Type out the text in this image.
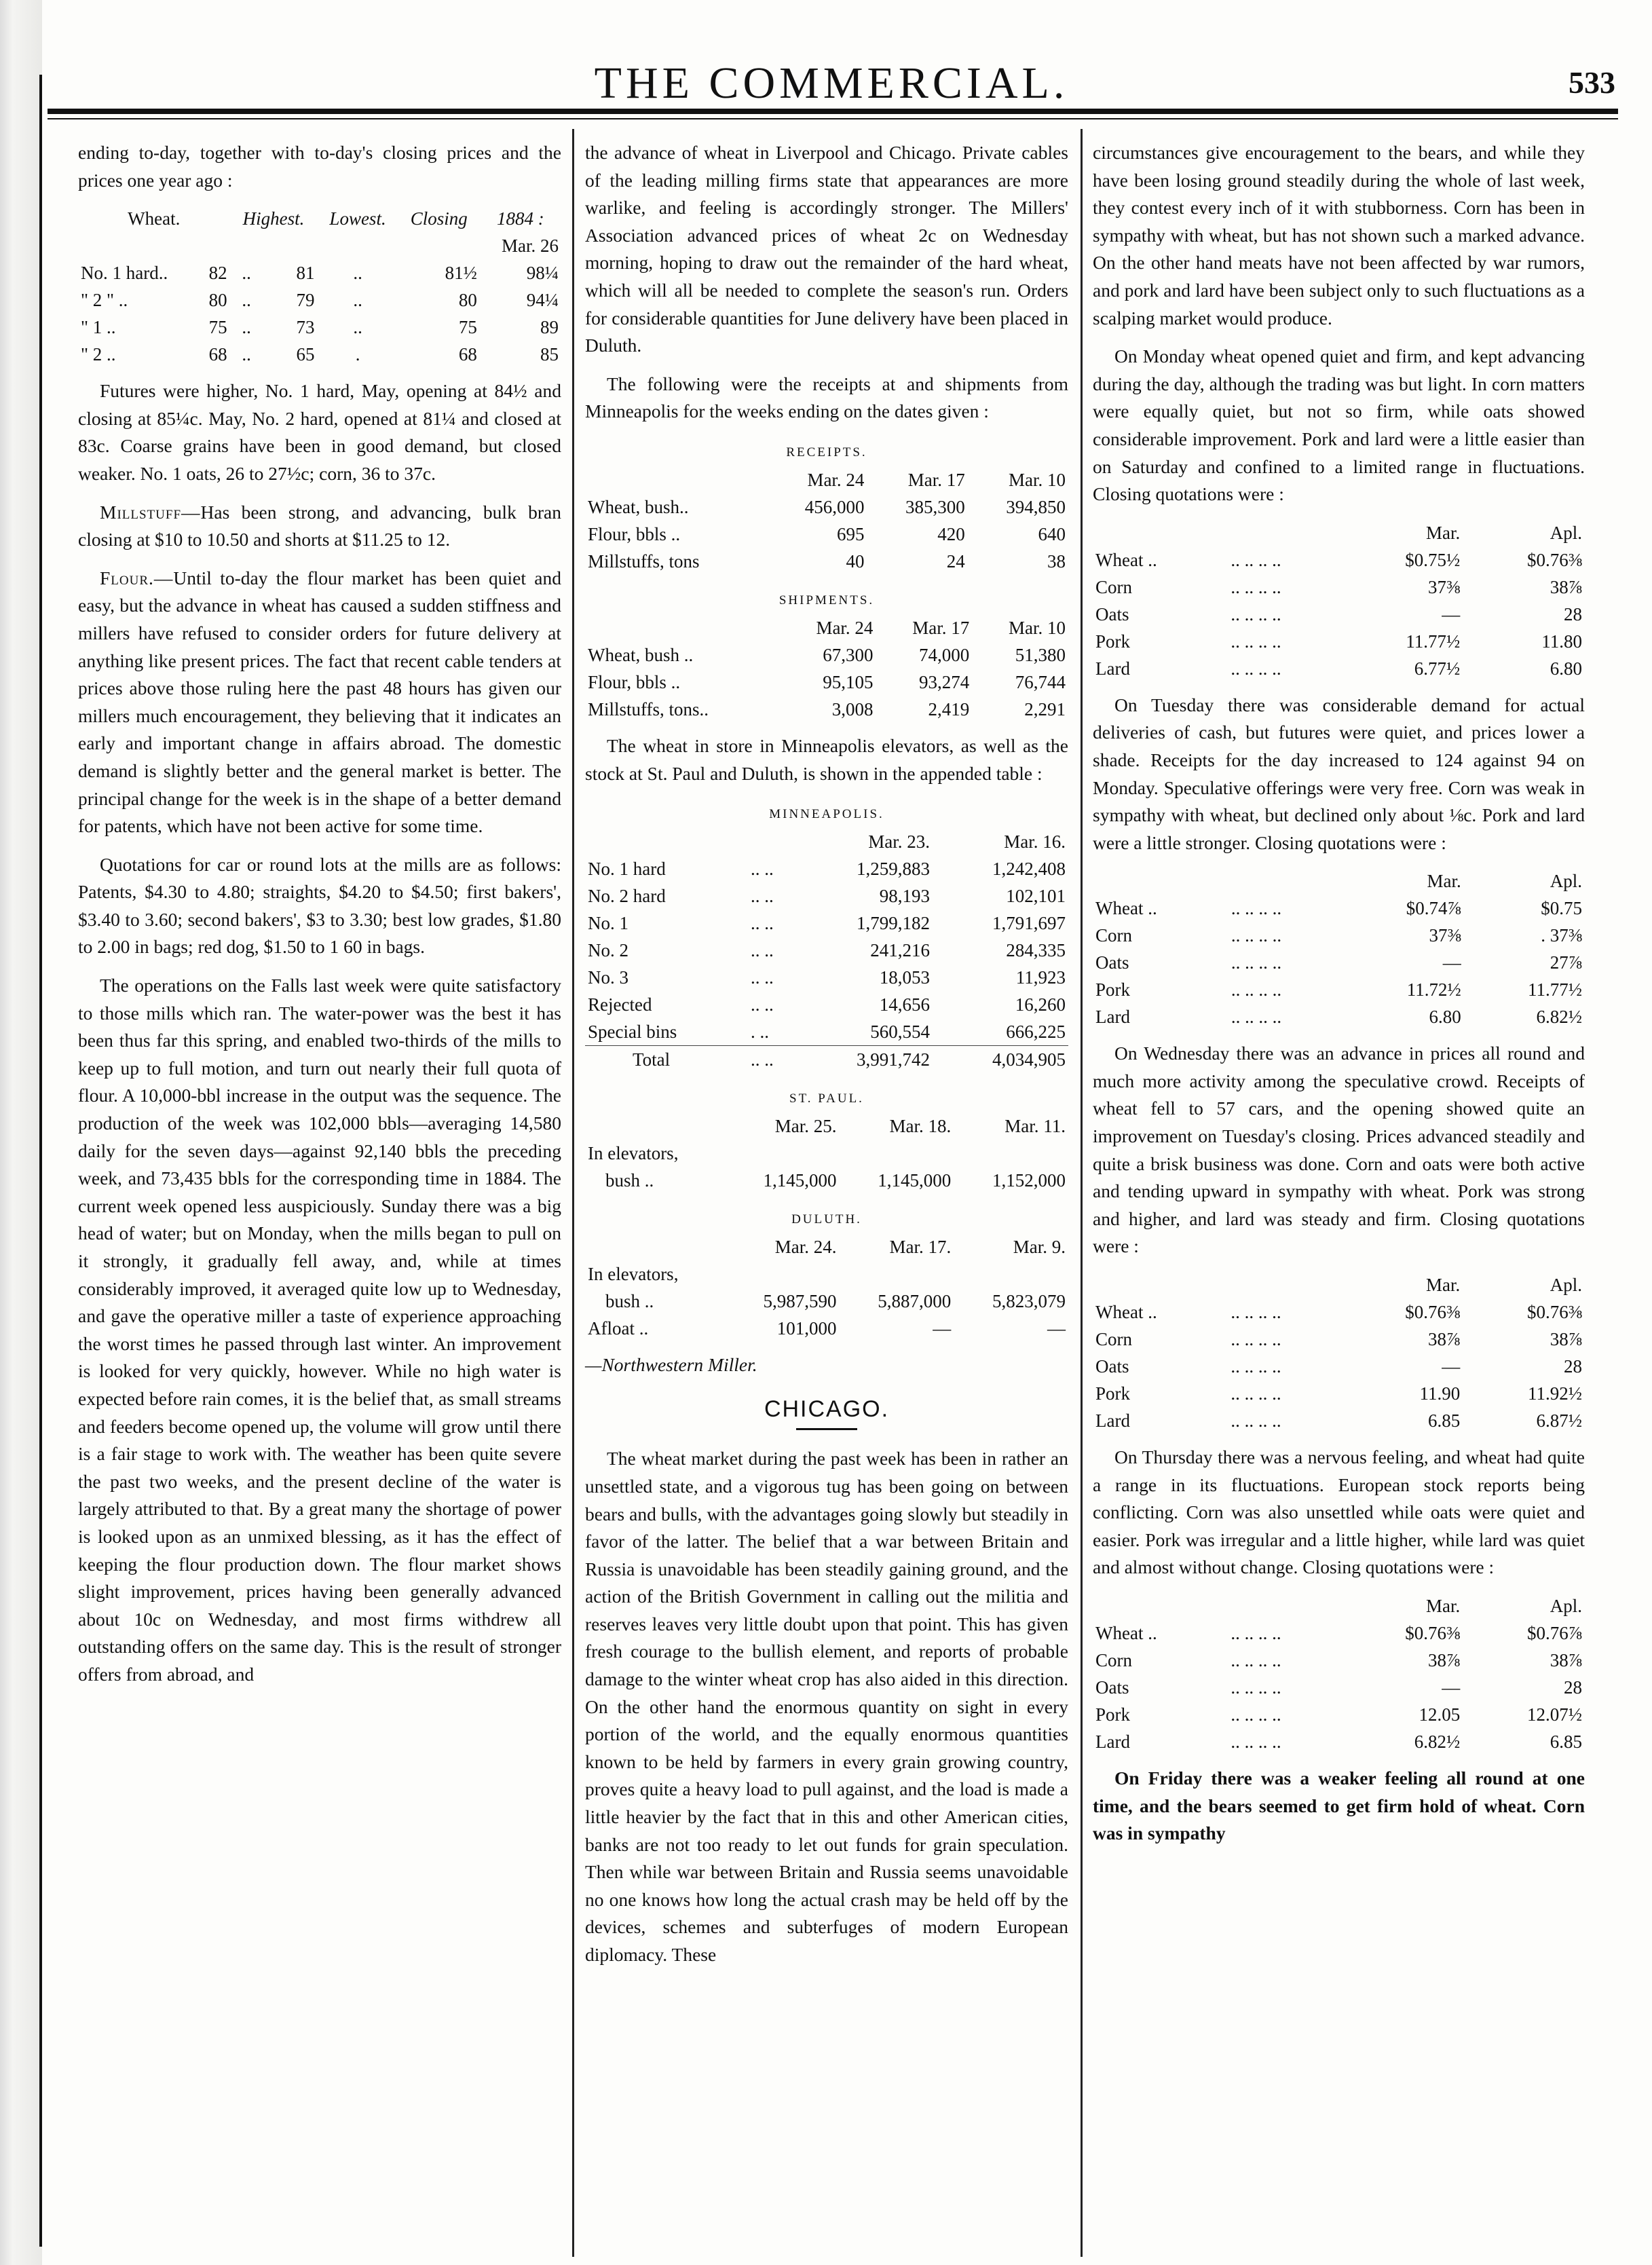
THE COMMERCIAL.	533

ending to-day, together with to-day's closing prices and the prices one year ago :

Wheat.		Highest.		Lowest.	Closing	1884 :
						Mar. 26
No. 1 hard..	82	..	81	..	81½	98¼
" 2 " ..	80	..	79	..	80	94¼
" 1 ..	75	..	73	..	75	89
" 2 ..	68	..	65	.	68	85

Futures were higher, No. 1 hard, May, opening at 84½ and closing at 85¼c. May, No. 2 hard, opened at 81¼ and closed at 83c. Coarse grains have been in good demand, but closed weaker. No. 1 oats, 26 to 27½c; corn, 36 to 37c.

Millstuff—Has been strong, and advancing, bulk bran closing at $10 to 10.50 and shorts at $11.25 to 12.

Flour.—Until to-day the flour market has been quiet and easy, but the advance in wheat has caused a sudden stiffness and millers have refused to consider orders for future delivery at anything like present prices. The fact that recent cable tenders at prices above those ruling here the past 48 hours has given our millers much encouragement, they believing that it indicates an early and important change in affairs abroad. The domestic demand is slightly better and the general market is better. The principal change for the week is in the shape of a better demand for patents, which have not been active for some time.

Quotations for car or round lots at the mills are as follows: Patents, $4.30 to 4.80; straights, $4.20 to $4.50; first bakers', $3.40 to 3.60; second bakers', $3 to 3.30; best low grades, $1.80 to 2.00 in bags; red dog, $1.50 to 1 60 in bags.

The operations on the Falls last week were quite satisfactory to those mills which ran. The water-power was the best it has been thus far this spring, and enabled two-thirds of the mills to keep up to full motion, and turn out nearly their full quota of flour. A 10,000-bbl increase in the output was the sequence. The production of the week was 102,000 bbls—averaging 14,580 daily for the seven days—against 92,140 bbls the preceding week, and 73,435 bbls for the corresponding time in 1884. The current week opened less auspiciously. Sunday there was a big head of water; but on Monday, when the mills began to pull on it strongly, it gradually fell away, and, while at times considerably improved, it averaged quite low up to Wednesday, and gave the operative miller a taste of experience approaching the worst times he passed through last winter. An improvement is looked for very quickly, however. While no high water is expected before rain comes, it is the belief that, as small streams and feeders become opened up, the volume will grow until there is a fair stage to work with. The weather has been quite severe the past two weeks, and the present decline of the water is largely attributed to that. By a great many the shortage of power is looked upon as an unmixed blessing, as it has the effect of keeping the flour production down. The flour market shows slight improvement, prices having been generally advanced about 10c on Wednesday, and most firms withdrew all outstanding offers on the same day. This is the result of stronger offers from abroad, and

the advance of wheat in Liverpool and Chicago. Private cables of the leading milling firms state that appearances are more warlike, and feeling is accordingly stronger. The Millers' Association advanced prices of wheat 2c on Wednesday morning, hoping to draw out the remainder of the hard wheat, which will all be needed to complete the season's run. Orders for considerable quantities for June delivery have been placed in Duluth.

The following were the receipts at and shipments from Minneapolis for the weeks ending on the dates given :

RECEIPTS.
	Mar. 24	Mar. 17	Mar. 10
Wheat, bush..	456,000	385,300	394,850
Flour, bbls ..	695	420	640
Millstuffs, tons	40	24	38
SHIPMENTS.
	Mar. 24	Mar. 17	Mar. 10
Wheat, bush ..	67,300	74,000	51,380
Flour, bbls ..	95,105	93,274	76,744
Millstuffs, tons..	3,008	2,419	2,291

The wheat in store in Minneapolis elevators, as well as the stock at St. Paul and Duluth, is shown in the appended table :

MINNEAPOLIS.
		Mar. 23.	Mar. 16.
No. 1 hard	.. ..	1,259,883	1,242,408
No. 2 hard	.. ..	98,193	102,101
No. 1	.. ..	1,799,182	1,791,697
No. 2	.. ..	241,216	284,335
No. 3	.. ..	18,053	11,923
Rejected	.. ..	14,656	16,260
Special bins	. ..	560,554	666,225
Total	.. ..	3,991,742	4,034,905
ST. PAUL.
	Mar. 25.	Mar. 18.	Mar. 11.
In elevators,			
bush ..	1,145,000	1,145,000	1,152,000
DULUTH.
	Mar. 24.	Mar. 17.	Mar. 9.
In elevators,			
bush ..	5,987,590	5,887,000	5,823,079
Afloat ..	101,000	—	—

—Northwestern Miller.

CHICAGO.

The wheat market during the past week has been in rather an unsettled state, and a vigorous tug has been going on between bears and bulls, with the advantages going slowly but steadily in favor of the latter. The belief that a war between Britain and Russia is unavoidable has been steadily gaining ground, and the action of the British Government in calling out the militia and reserves leaves very little doubt upon that point. This has given fresh courage to the bullish element, and reports of probable damage to the winter wheat crop has also aided in this direction. On the other hand the enormous quantity on sight in every portion of the world, and the equally enormous quantities known to be held by farmers in every grain growing country, proves quite a heavy load to pull against, and the load is made a little heavier by the fact that in this and other American cities, banks are not too ready to let out funds for grain speculation. Then while war between Britain and Russia seems unavoidable no one knows how long the actual crash may be held off by the devices, schemes and subterfuges of modern European diplomacy. These

circumstances give encouragement to the bears, and while they have been losing ground steadily during the whole of last week, they contest every inch of it with stubborness. Corn has been in sympathy with wheat, but has not shown such a marked advance. On the other hand meats have not been affected by war rumors, and pork and lard have been subject only to such fluctuations as a scalping market would produce.

On Monday wheat opened quiet and firm, and kept advancing during the day, although the trading was but light. In corn matters were equally quiet, but not so firm, while oats showed considerable improvement. Pork and lard were a little easier than on Saturday and confined to a limited range in fluctuations. Closing quotations were :

		Mar.	Apl.
Wheat ..	.. .. .. ..	$0.75½	$0.76⅜
Corn	.. .. .. ..	37⅜	38⅞
Oats	.. .. .. ..	—	28
Pork	.. .. .. ..	11.77½	11.80
Lard	.. .. .. ..	6.77½	6.80

On Tuesday there was considerable demand for actual deliveries of cash, but futures were quiet, and prices lower a shade. Receipts for the day increased to 124 against 94 on Monday. Speculative offerings were very free. Corn was weak in sympathy with wheat, but declined only about ⅛c. Pork and lard were a little stronger. Closing quotations were :

		Mar.	Apl.
Wheat ..	.. .. .. ..	$0.74⅞	$0.75
Corn	.. .. .. ..	37⅜	. 37⅜
Oats	.. .. .. ..	—	27⅞
Pork	.. .. .. ..	11.72½	11.77½
Lard	.. .. .. ..	6.80	6.82½

On Wednesday there was an advance in prices all round and much more activity among the speculative crowd. Receipts of wheat fell to 57 cars, and the opening showed quite an improvement on Tuesday's closing. Prices advanced steadily and quite a brisk business was done. Corn and oats were both active and tending upward in sympathy with wheat. Pork was strong and higher, and lard was steady and firm. Closing quotations were :

		Mar.	Apl.
Wheat ..	.. .. .. ..	$0.76⅜	$0.76⅜
Corn	.. .. .. ..	38⅞	38⅞
Oats	.. .. .. ..	—	28
Pork	.. .. .. ..	11.90	11.92½
Lard	.. .. .. ..	6.85	6.87½

On Thursday there was a nervous feeling, and wheat had quite a range in its fluctuations. European stock reports being conflicting. Corn was also unsettled while oats were quiet and easier. Pork was irregular and a little higher, while lard was quiet and almost without change. Closing quotations were :

		Mar.	Apl.
Wheat ..	.. .. .. ..	$0.76⅜	$0.76⅞
Corn	.. .. .. ..	38⅞	38⅞
Oats	.. .. .. ..	—	28
Pork	.. .. .. ..	12.05	12.07½
Lard	.. .. .. ..	6.82½	6.85

On Friday there was a weaker feeling all round at one time, and the bears seemed to get firm hold of wheat. Corn was in sympathy
